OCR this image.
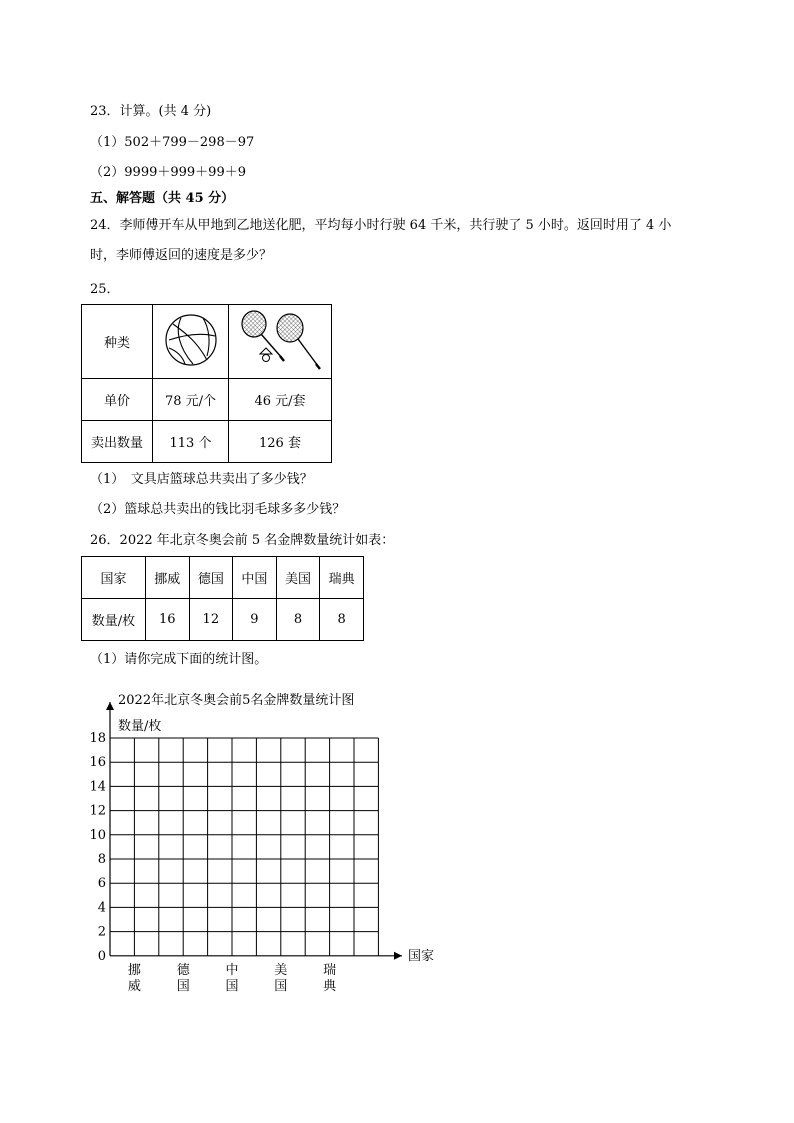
23．计算。(共 4 分)
（1）502＋799－298－97
（2）9999＋999＋99＋9
五、解答题（共 45 分）
24．李师傅开车从甲地到乙地送化肥，平均每小时行驶 64 千米，共行驶了 5 小时。返回时用了 4 小
时，李师傅返回的速度是多少？
25．
种类		
单价	78 元/个	46 元/套
卖出数量	113 个	126 套
（1）　文具店篮球总共卖出了多少钱？
（2）篮球总共卖出的钱比羽毛球多多少钱？
26．2022 年北京冬奥会前 5 名金牌数量统计如表：
国家	挪威	德国	中国	美国	瑞典
数量/枚	16	12	9	8	8
（1）请你完成下面的统计图。
2022年北京冬奥会前5名金牌数量统计图
数量/枚
国家
0
2
4
6
8
10
12
14
16
18
挪
威
德
国
中
国
美
国
瑞
典
